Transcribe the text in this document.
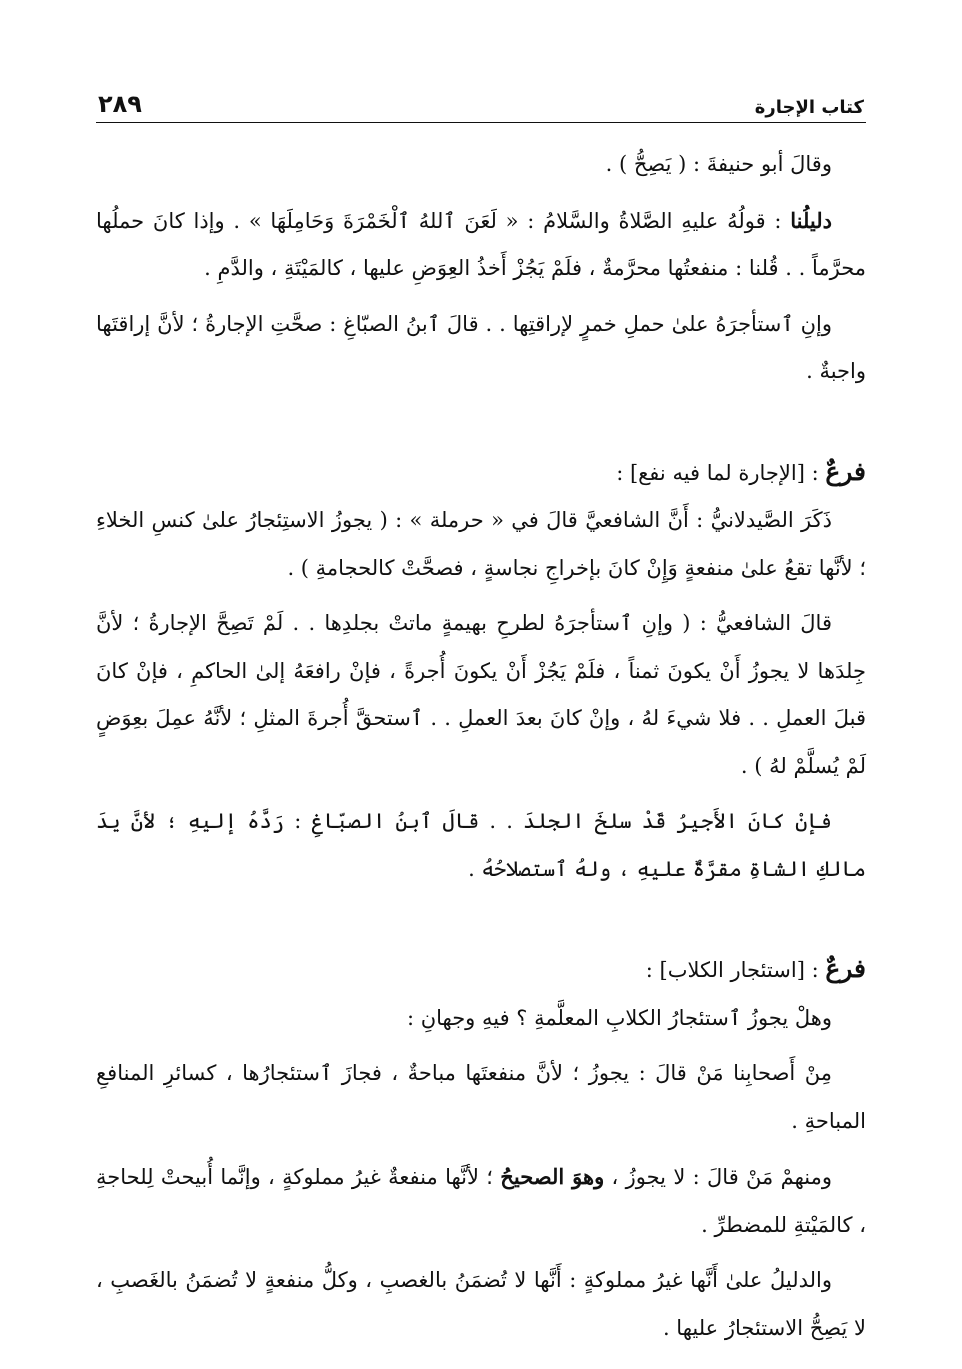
كتاب الإجارة
٢٨٩

وقالَ أبو حنيفةَ : ( يَصِحُّ ) .

دليلُنا : قولُهُ عليهِ الصَّلاةُ والسَّلامُ : « لَعَنَ ٱللهُ ٱلْخَمْرَةَ وَحَامِلَهَا » . وإذا كانَ حملُها محرَّماً . . قُلنا : منفعتُها محرَّمةٌ ، فلَمْ يَجُزْ أَخذُ العِوَضِ عليها ، كالمَيْتَةِ ، والدَّمِ .

وإنِ ٱستأجرَهُ علىٰ حملِ خمرٍ لإراقتِها . . قالَ ٱبنُ الصبّاغِ : صحَّتِ الإجارةُ ؛ لأنَّ إراقتَها واجبةٌ .

فرعٌ : [الإجارة لما فيه نفع] :

ذَكَرَ الصَّيدلانيُّ : أَنَّ الشافعيَّ قالَ في « حرملة » : ( يجوزُ الاستِئجارُ علىٰ كنسِ الخلاءِ ؛ لأنَّها تقعُ علىٰ منفعةٍ وَإِنْ كانَ بإخراجِ نجاسةٍ ، فصحَّتْ كالحجامةِ ) .

قالَ الشافعيُّ : ( وإنِ ٱستأجرَهُ لطرحِ بهيمةٍ ماتتْ بجلدِها . . لَمْ تَصِحَّ الإجارةُ ؛ لأنَّ جِلدَها لا يجوزُ أَنْ يكونَ ثمناً ، فلَمْ يَجُزْ أَنْ يكونَ أُجرةً ، فإنْ رافعَهُ إلىٰ الحاكمِ ، فإنْ كانَ قبلَ العملِ . . فلا شيءَ لهُ ، وإنْ كانَ بعدَ العملِ . . ٱستحقَّ أُجرةَ المثلِ ؛ لأنَّهُ عمِلَ بعِوَضٍ لَمْ يُسلَّمْ لهُ ) .

فإنْ كانَ الأَجيرُ قَدْ سلخَ الجلدَ . . قالَ ٱبنُ الصبّاغِ : رَدَّهُ إليهِ ؛ لأنَّ يدَ مالكِ الشاةِ مقرَّةٌ عليهِ ، ولهُ ٱستصلاحُهُ .

فرعٌ : [استئجار الكلاب] :

وهلْ يجوزُ ٱستئجارُ الكلابِ المعلَّمةِ ؟ فيهِ وجهانِ :

مِنْ أَصحابِنا مَنْ قالَ : يجوزُ ؛ لأنَّ منفعتَها مباحةٌ ، فجازَ ٱستئجارُها ، كسائرِ المنافعِ المباحةِ .

ومنهمْ مَنْ قالَ : لا يجوزُ ، وهوَ الصحيحُ ؛ لأنَّها منفعةٌ غيرُ مملوكةٍ ، وإنَّما أُبيحتْ لِلحاجةِ ، كالمَيْتةِ للمضطرِّ .

والدليلُ علىٰ أَنَّها غيرُ مملوكةٍ : أَنَّها لا تُضمَنُ بالغصبِ ، وكلُّ منفعةٍ لا تُضمَنُ بالغَصبِ ، لا يَصِحُّ الاستئجارُ عليها .
